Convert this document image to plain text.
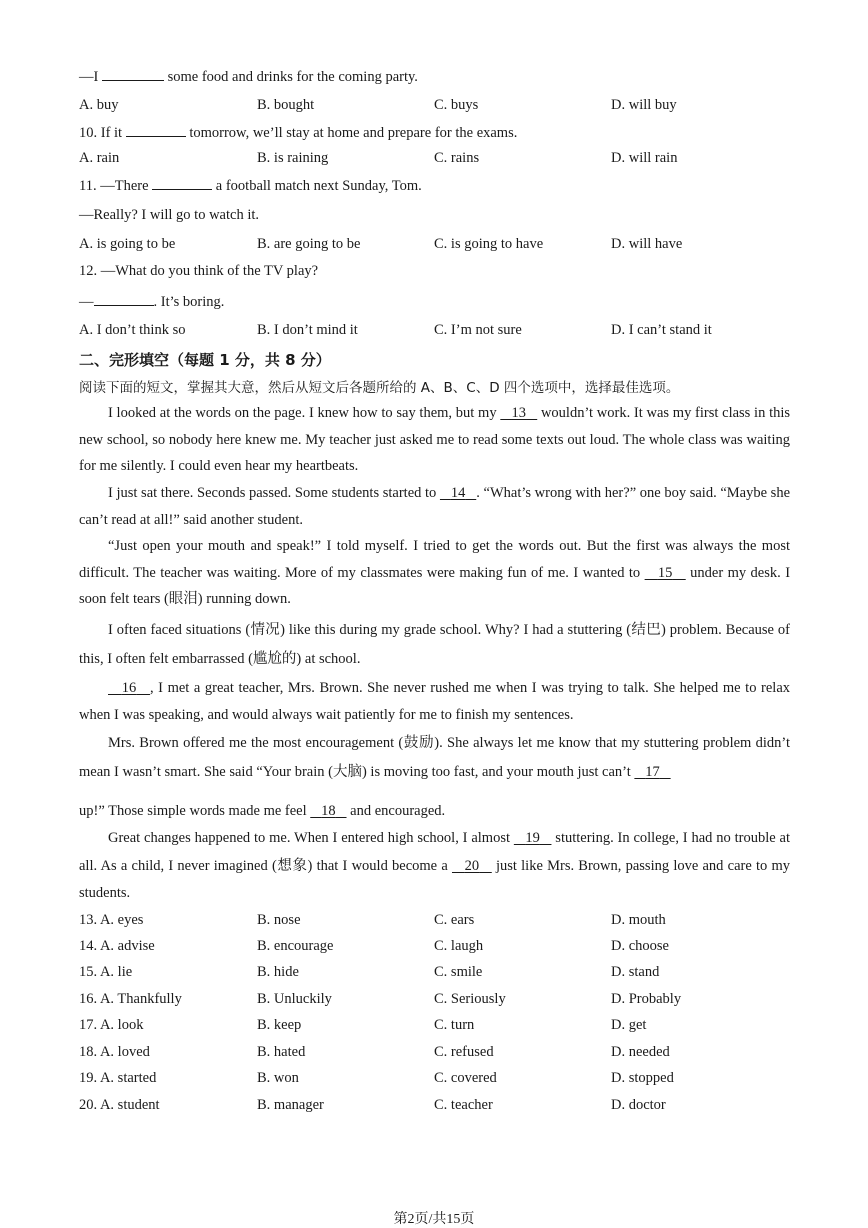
—I	some food and drinks for the coming party.
A. buy	B. bought	C. buys	D. will buy
10. If it	tomorrow, we’ll stay at home and prepare for the exams.
A. rain	B. is raining	C. rains	D. will rain
11. —There	a football match next Sunday, Tom.
—Really? I will go to watch it.
A. is going to be	B. are going to be	C. is going to have	D. will have
12. —What do you think of the TV play?
—	. It’s boring.
A. I don’t think so	B. I don’t mind it	C. I’m not sure	D. I can’t stand it
二、完形填空（每题 1 分，共 8 分）
阅读下面的短文，掌握其大意，然后从短文后各题所给的 A、B、C、D 四个选项中，选择最佳选项。
I looked at the words on the page. I knew how to say them, but my    13    wouldn’t work. It was my first class in this new school, so nobody here knew me. My teacher just asked me to read some texts out loud. The whole class was waiting for me silently. I could even hear my heartbeats.
I just sat there. Seconds passed. Some students started to    14 . “What’s wrong with her?” one boy said. “Maybe she can’t read at all!” said another student.
“Just open your mouth and speak!” I told myself. I tried to get the words out. But the first was always the most difficult. The teacher was waiting. More of my classmates were making fun of me. I wanted to    15    under my desk. I soon felt tears (眼泪) running down.
I often faced situations (情况) like this during my grade school. Why? I had a stuttering (结巴) problem. Because of this, I often felt embarrassed (尴尬的) at school.
16 , I met a great teacher, Mrs. Brown. She never rushed me when I was trying to talk. She helped me to relax when I was speaking, and would always wait patiently for me to finish my sentences.
Mrs. Brown offered me the most encouragement (鼓励). She always let me know that my stuttering problem didn’t mean I wasn’t smart. She said “Your brain (大脑) is moving too fast, and your mouth just can’t    17
up!” Those simple words made me feel    18    and encouraged.
Great changes happened to me. When I entered high school, I almost    19    stuttering. In college, I had no trouble at all. As a child, I never imagined (想象) that I would become a    20    just like Mrs. Brown, passing love and care to my students.
13. A. eyes	B. nose	C. ears	D. mouth
14. A. advise	B. encourage	C. laugh	D. choose
15. A. lie	B. hide	C. smile	D. stand
16. A. Thankfully	B. Unluckily	C. Seriously	D. Probably
17. A. look	B. keep	C. turn	D. get
18. A. loved	B. hated	C. refused	D. needed
19. A. started	B. won	C. covered	D. stopped
20. A. student	B. manager	C. teacher	D. doctor
第2页/共15页
